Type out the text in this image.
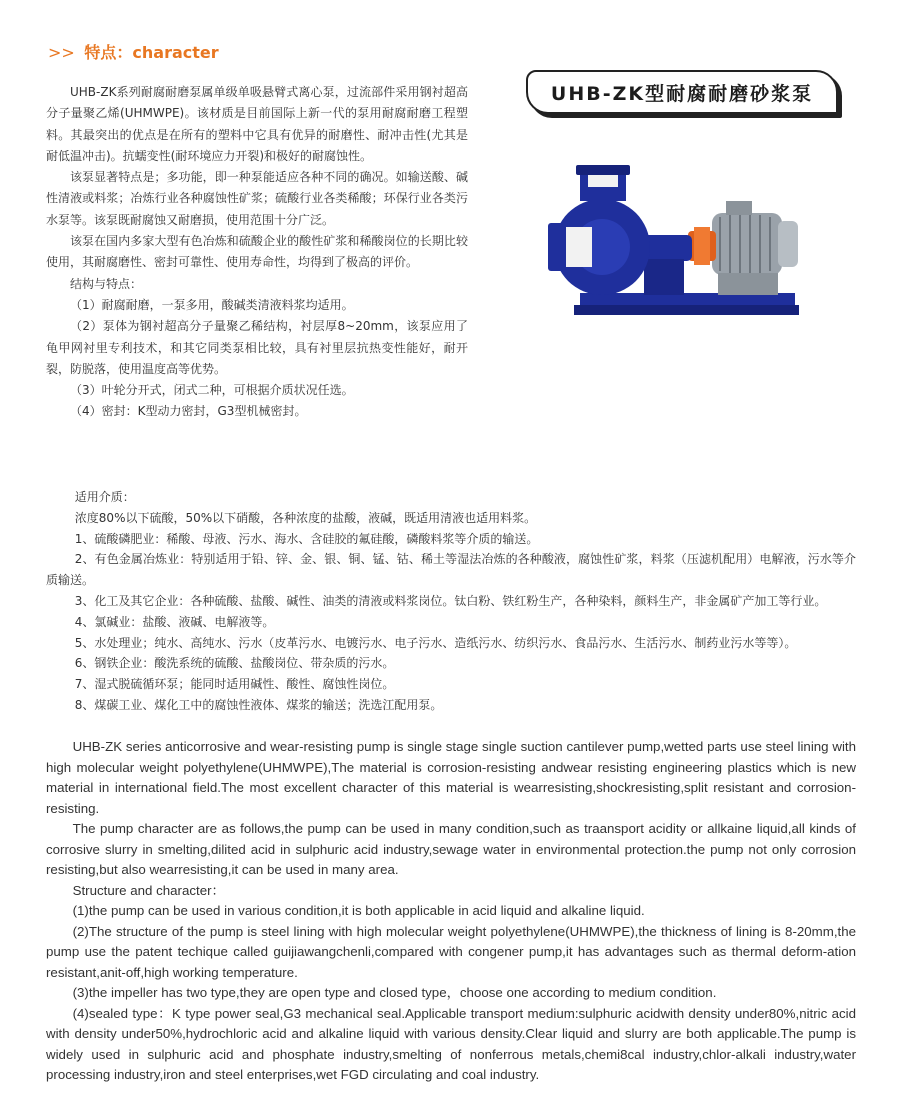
>> 特点：character
UHB-ZK型耐腐耐磨砂浆泵

UHB-ZK系列耐腐耐磨泵属单级单吸悬臂式离心泵，过流部件采用钢衬超高分子量聚乙烯(UHMWPE)。该材质是目前国际上新一代的泵用耐腐耐磨工程塑料。其最突出的优点是在所有的塑料中它具有优异的耐磨性、耐冲击性(尤其是耐低温冲击)。抗蠕变性(耐环境应力开裂)和极好的耐腐蚀性。

该泵显著特点是；多功能，即一种泵能适应各种不同的确况。如输送酸、碱性清液或料浆；冶炼行业各种腐蚀性矿浆；硫酸行业各类稀酸；环保行业各类污水泵等。该泵既耐腐蚀又耐磨损，使用范围十分广泛。

该泵在国内多家大型有色冶炼和硫酸企业的酸性矿浆和稀酸岗位的长期比较使用，其耐腐磨性、密封可靠性、使用寿命性，均得到了极高的评价。

结构与特点：

（1）耐腐耐磨，一泵多用，酸碱类清液料浆均适用。

（2）泵体为钢衬超高分子量聚乙稀结构，衬层厚8~20mm，该泵应用了龟甲网衬里专利技术，和其它同类泵相比较，具有衬里层抗热变性能好，耐开裂，防脱落，使用温度高等优势。

（3）叶轮分开式，闭式二种，可根据介质状况任选。

（4）密封：K型动力密封，G3型机械密封。

适用介质：

浓度80%以下硫酸，50%以下硝酸，各种浓度的盐酸，液碱，既适用清液也适用料浆。

1、硫酸磷肥业：稀酸、母液、污水、海水、含硅胶的氟硅酸，磷酸料浆等介质的输送。

2、有色金属冶炼业：特别适用于铅、锌、金、银、铜、锰、钴、稀土等湿法冶炼的各种酸液，腐蚀性矿浆，料浆（压滤机配用）电解液，污水等介质输送。

3、化工及其它企业：各种硫酸、盐酸、碱性、油类的清液或料浆岗位。钛白粉、铁红粉生产，各种染料，颜料生产，非金属矿产加工等行业。

4、氯碱业：盐酸、液碱、电解液等。

5、水处理业；纯水、高纯水、污水（皮革污水、电镀污水、电子污水、造纸污水、纺织污水、食品污水、生活污水、制药业污水等等）。

6、钢铁企业：酸洗系统的硫酸、盐酸岗位、带杂质的污水。

7、湿式脱硫循环泵；能同时适用碱性、酸性、腐蚀性岗位。

8、煤碳工业、煤化工中的腐蚀性液体、煤浆的输送；洗选江配用泵。

UHB-ZK series anticorrosive and wear-resisting pump is single stage single suction cantilever pump,wetted parts use steel lining with high molecular weight polyethylene(UHMWPE),The material is corrosion-resisting andwear resisting engineering plastics which is new material in international field.The most excellent character of this material is wearresisting,shockresisting,split resistant and corrosion-resisting.

The pump character are as follows,the pump can be used in many condition,such as traansport acidity or allkaine liquid,all kinds of corrosive slurry in smelting,dilited acid in sulphuric acid industry,sewage water in environmental protection.the pump not only corrosion resisting,but also wearresisting,it can be used in many area.

Structure and character：

(1)the pump can be used in various condition,it is both applicable in acid liquid and alkaline liquid.

(2)The structure of the pump is steel lining with high molecular weight polyethylene(UHMWPE),the thickness of lining is 8-20mm,the pump use the patent techique called guijiawangchenli,compared with congener pump,it has advantages such as thermal deform-ation resistant,anit-off,high working temperature.

(3)the impeller has two type,they are open type and closed type，choose one according to medium condition.

(4)sealed type：K type power seal,G3 mechanical seal.Applicable transport medium:sulphuric acidwith density under80%,nitric acid with density under50%,hydrochloric acid and alkaline liquid with various density.Clear liquid and slurry are both applicable.The pump is widely used in sulphuric acid and phosphate industry,smelting of nonferrous metals,chemi8cal industry,chlor-alkali industry,water processing industry,iron and steel enterprises,wet FGD circulating and coal industry.
